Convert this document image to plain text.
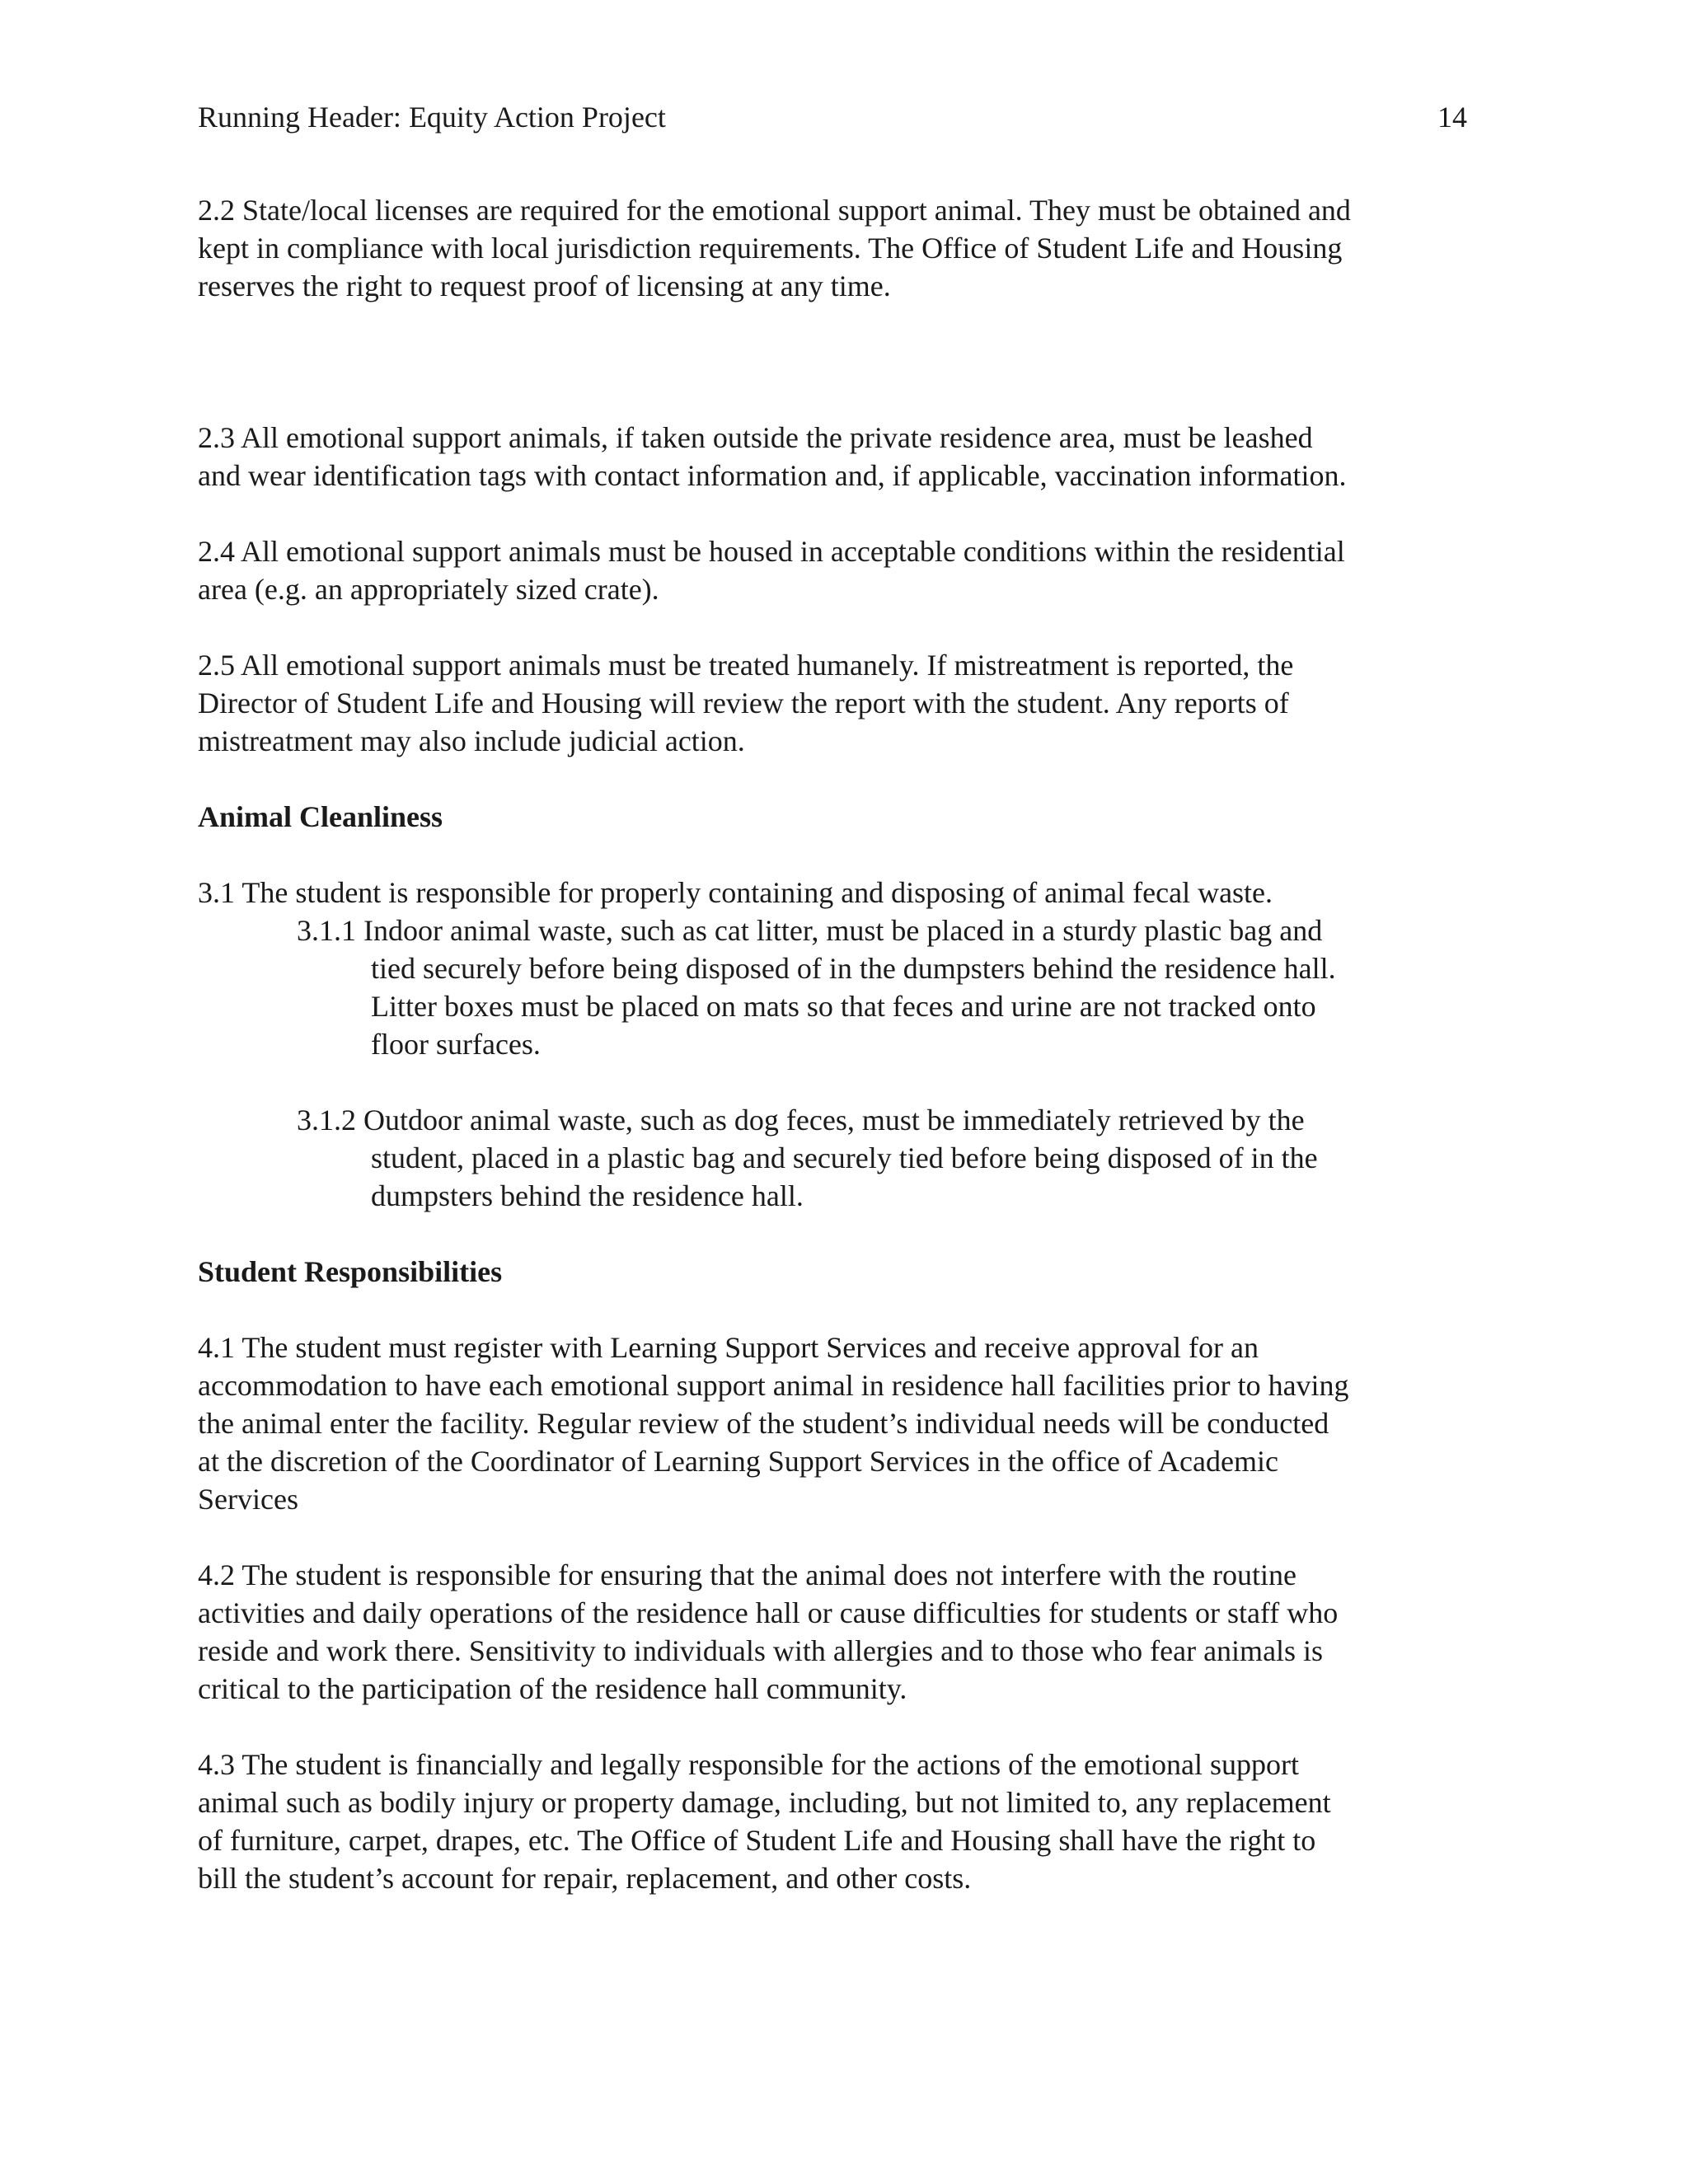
Running Header: Equity Action Project	14

2.2 State/local licenses are required for the emotional support animal. They must be obtained and
kept in compliance with local jurisdiction requirements. The Office of Student Life and Housing
reserves the right to request proof of licensing at any time.

2.3 All emotional support animals, if taken outside the private residence area, must be leashed
and wear identification tags with contact information and, if applicable, vaccination information.

2.4 All emotional support animals must be housed in acceptable conditions within the residential
area (e.g. an appropriately sized crate).

2.5 All emotional support animals must be treated humanely. If mistreatment is reported, the
Director of Student Life and Housing will review the report with the student. Any reports of
mistreatment may also include judicial action.

Animal Cleanliness

3.1 The student is responsible for properly containing and disposing of animal fecal waste.

3.1.1 Indoor animal waste, such as cat litter, must be placed in a sturdy plastic bag and
tied securely before being disposed of in the dumpsters behind the residence hall.
Litter boxes must be placed on mats so that feces and urine are not tracked onto
floor surfaces.

3.1.2 Outdoor animal waste, such as dog feces, must be immediately retrieved by the
student, placed in a plastic bag and securely tied before being disposed of in the
dumpsters behind the residence hall.

Student Responsibilities

4.1 The student must register with Learning Support Services and receive approval for an
accommodation to have each emotional support animal in residence hall facilities prior to having
the animal enter the facility. Regular review of the student’s individual needs will be conducted
at the discretion of the Coordinator of Learning Support Services in the office of Academic
Services

4.2 The student is responsible for ensuring that the animal does not interfere with the routine
activities and daily operations of the residence hall or cause difficulties for students or staff who
reside and work there. Sensitivity to individuals with allergies and to those who fear animals is
critical to the participation of the residence hall community.

4.3 The student is financially and legally responsible for the actions of the emotional support
animal such as bodily injury or property damage, including, but not limited to, any replacement
of furniture, carpet, drapes, etc. The Office of Student Life and Housing shall have the right to
bill the student’s account for repair, replacement, and other costs.
